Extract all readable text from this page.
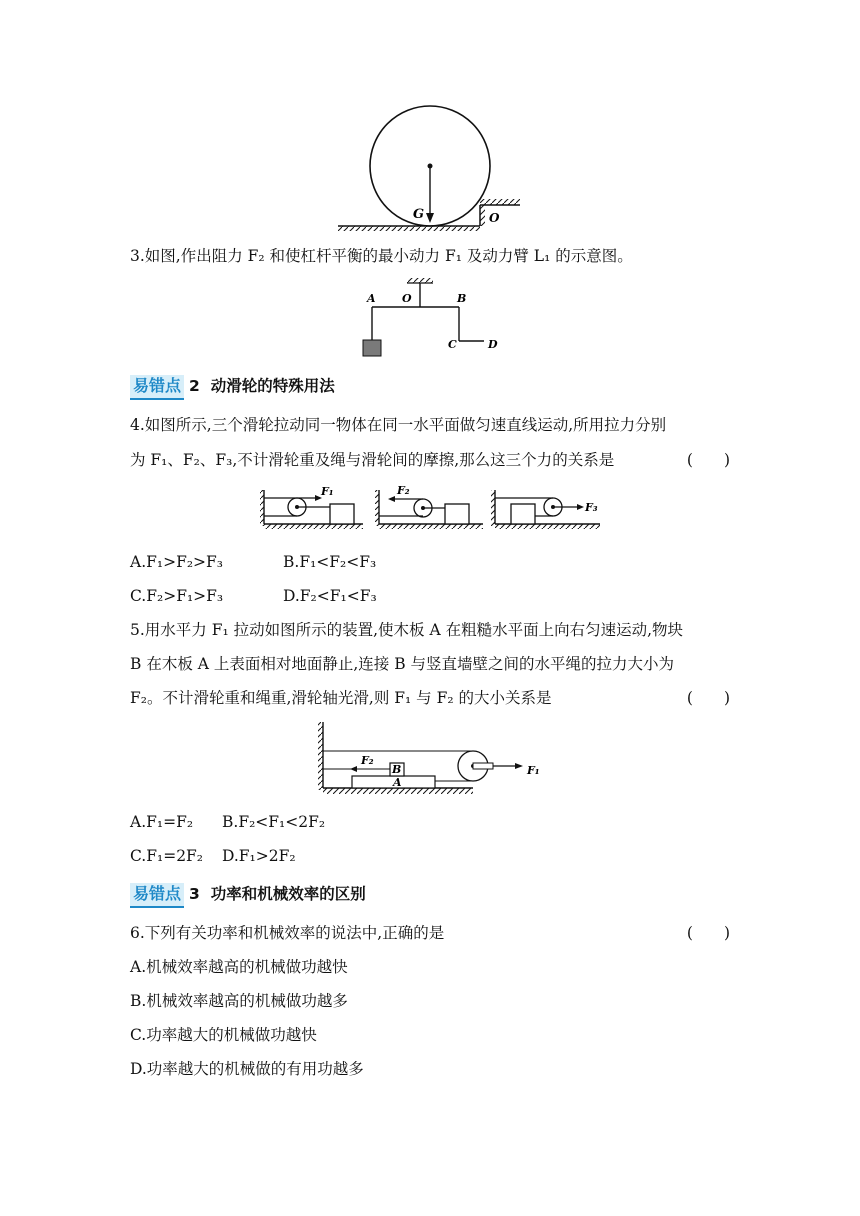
G	O
3.如图,作出阻力 F₂ 和使杠杆平衡的最小动力 F₁ 及动力臂 L₁ 的示意图。
A O	B
C	D
易错点 2 动滑轮的特殊用法
4.如图所示,三个滑轮拉动同一物体在同一水平面做匀速直线运动,所用拉力分别
为 F₁、F₂、F₃,不计滑轮重及绳与滑轮间的摩擦,那么这三个力的关系是	(　　)
F₁	F₂
F₃
A.F₁>F₂>F₃	B.F₁<F₂<F₃
C.F₂>F₁>F₃	D.F₂<F₁<F₃
5.用水平力 F₁ 拉动如图所示的装置,使木板 A 在粗糙水平面上向右匀速运动,物块
B 在木板 A 上表面相对地面静止,连接 B 与竖直墙壁之间的水平绳的拉力大小为
F₂。不计滑轮重和绳重,滑轮轴光滑,则 F₁ 与 F₂ 的大小关系是	(　　)
A
B
F₂
F₁
A.F₁=F₂ B.F₂<F₁<2F₂
C.F₁=2F₂ D.F₁>2F₂
易错点 3 功率和机械效率的区别
6.下列有关功率和机械效率的说法中,正确的是	(　　)
A.机械效率越高的机械做功越快
B.机械效率越高的机械做功越多
C.功率越大的机械做功越快
D.功率越大的机械做的有用功越多
